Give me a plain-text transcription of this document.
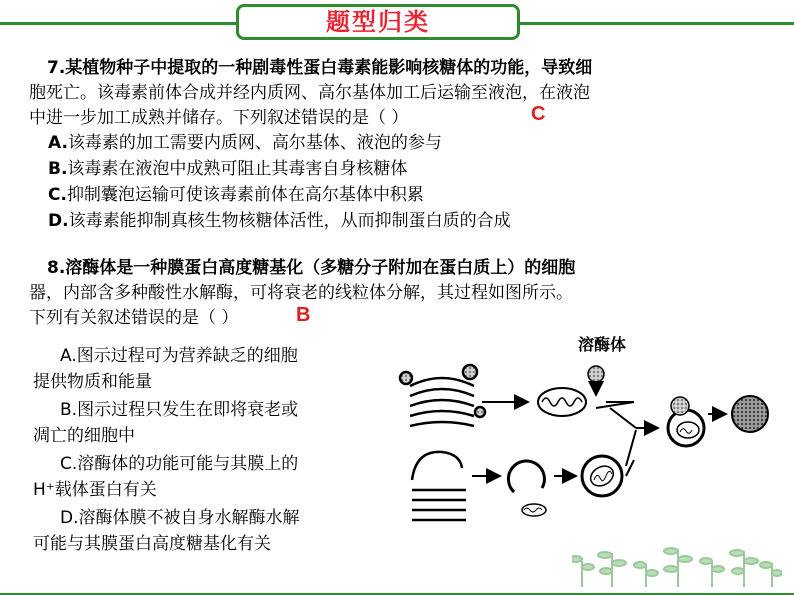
题型归类
7.某植物种子中提取的一种剧毒性蛋白毒素能影响核糖体的功能，导致细
胞死亡。该毒素前体合成并经内质网、高尔基体加工后运输至液泡，在液泡
中进一步加工成熟并储存。下列叙述错误的是（ ）	C
A.该毒素的加工需要内质网、高尔基体、液泡的参与
B.该毒素在液泡中成熟可阻止其毒害自身核糖体
C.抑制囊泡运输可使该毒素前体在高尔基体中积累
D.该毒素能抑制真核生物核糖体活性，从而抑制蛋白质的合成
8.溶酶体是一种膜蛋白高度糖基化（多糖分子附加在蛋白质上）的细胞
器，内部含多种酸性水解酶，可将衰老的线粒体分解，其过程如图所示。
下列有关叙述错误的是（ ）	B
A.图示过程可为营养缺乏的细胞
提供物质和能量
B.图示过程只发生在即将衰老或
凋亡的细胞中
C.溶酶体的功能可能与其膜上的
H⁺载体蛋白有关
D.溶酶体膜不被自身水解酶水解
可能与其膜蛋白高度糖基化有关
溶酶体
